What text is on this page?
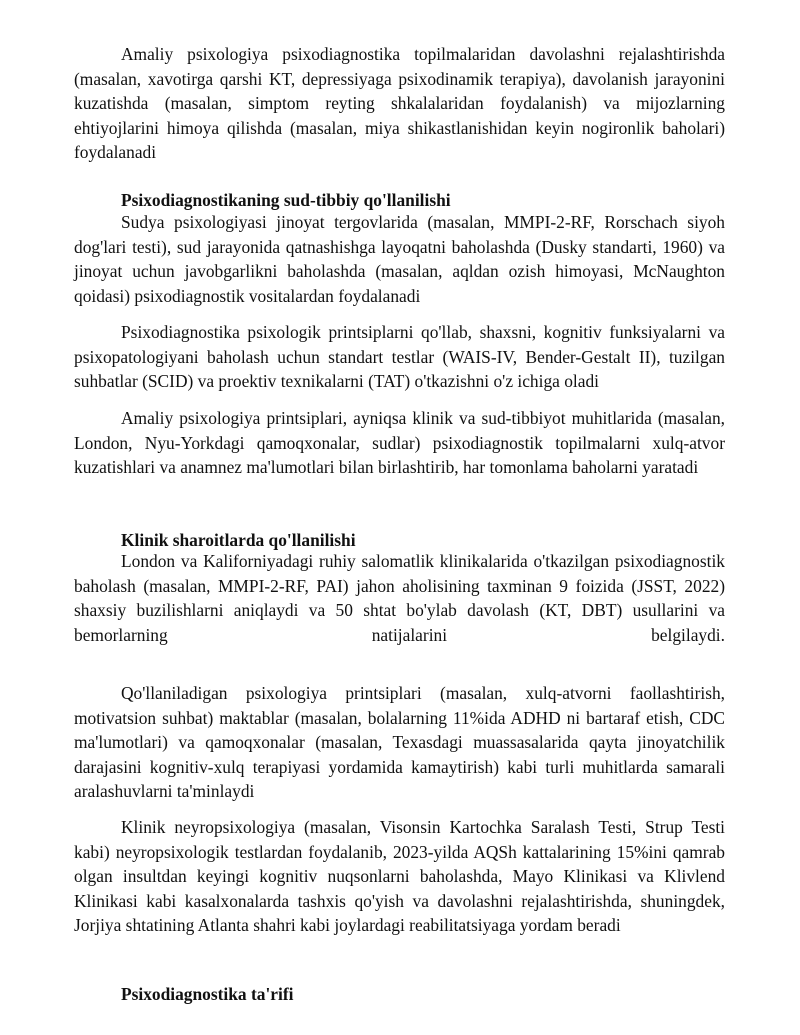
Amaliy psixologiya psixodiagnostika topilmalaridan davolashni rejalashtirishda (masalan, xavotirga qarshi KT, depressiyaga psixodinamik terapiya), davolanish jarayonini kuzatishda (masalan, simptom reyting shkalalaridan foydalanish) va mijozlarning ehtiyojlarini himoya qilishda (masalan, miya shikastlanishidan keyin nogironlik baholari) foydalanadi

Psixodiagnostikaning sud-tibbiy qo'llanilishi

Sudya psixologiyasi jinoyat tergovlarida (masalan, MMPI-2-RF, Rorschach siyoh dog'lari testi), sud jarayonida qatnashishga layoqatni baholashda (Dusky standarti, 1960) va jinoyat uchun javobgarlikni baholashda (masalan, aqldan ozish himoyasi, McNaughton qoidasi) psixodiagnostik vositalardan foydalanadi

Psixodiagnostika psixologik printsiplarni qo'llab, shaxsni, kognitiv funksiyalarni va psixopatologiyani baholash uchun standart testlar (WAIS-IV, Bender-Gestalt II), tuzilgan suhbatlar (SCID) va proektiv texnikalarni (TAT) o'tkazishni o'z ichiga oladi

Amaliy psixologiya printsiplari, ayniqsa klinik va sud-tibbiyot muhitlarida (masalan, London, Nyu-Yorkdagi qamoqxonalar, sudlar) psixodiagnostik topilmalarni xulq-atvor kuzatishlari va anamnez ma'lumotlari bilan birlashtirib, har tomonlama baholarni yaratadi

Klinik sharoitlarda qo'llanilishi

London va Kaliforniyadagi ruhiy salomatlik klinikalarida o'tkazilgan psixodiagnostik baholash (masalan, MMPI-2-RF, PAI) jahon aholisining taxminan 9 foizida (JSST, 2022) shaxsiy buzilishlarni aniqlaydi va 50 shtat bo'ylab davolash (KT, DBT) usullarini va bemorlarning natijalarini belgilaydi.

Qo'llaniladigan psixologiya printsiplari (masalan, xulq-atvorni faollashtirish, motivatsion suhbat) maktablar (masalan, bolalarning 11%ida ADHD ni bartaraf etish, CDC ma'lumotlari) va qamoqxonalar (masalan, Texasdagi muassasalarida qayta jinoyatchilik darajasini kognitiv-xulq terapiyasi yordamida kamaytirish) kabi turli muhitlarda samarali aralashuvlarni ta'minlaydi

Klinik neyropsixologiya (masalan, Visonsin Kartochka Saralash Testi, Strup Testi kabi) neyropsixologik testlardan foydalanib, 2023-yilda AQSh kattalarining 15%ini qamrab olgan insultdan keyingi kognitiv nuqsonlarni baholashda, Mayo Klinikasi va Klivlend Klinikasi kabi kasalxonalarda tashxis qo'yish va davolashni rejalashtirishda, shuningdek, Jorjiya shtatining Atlanta shahri kabi joylardagi reabilitatsiyaga yordam beradi

Psixodiagnostika ta'rifi
